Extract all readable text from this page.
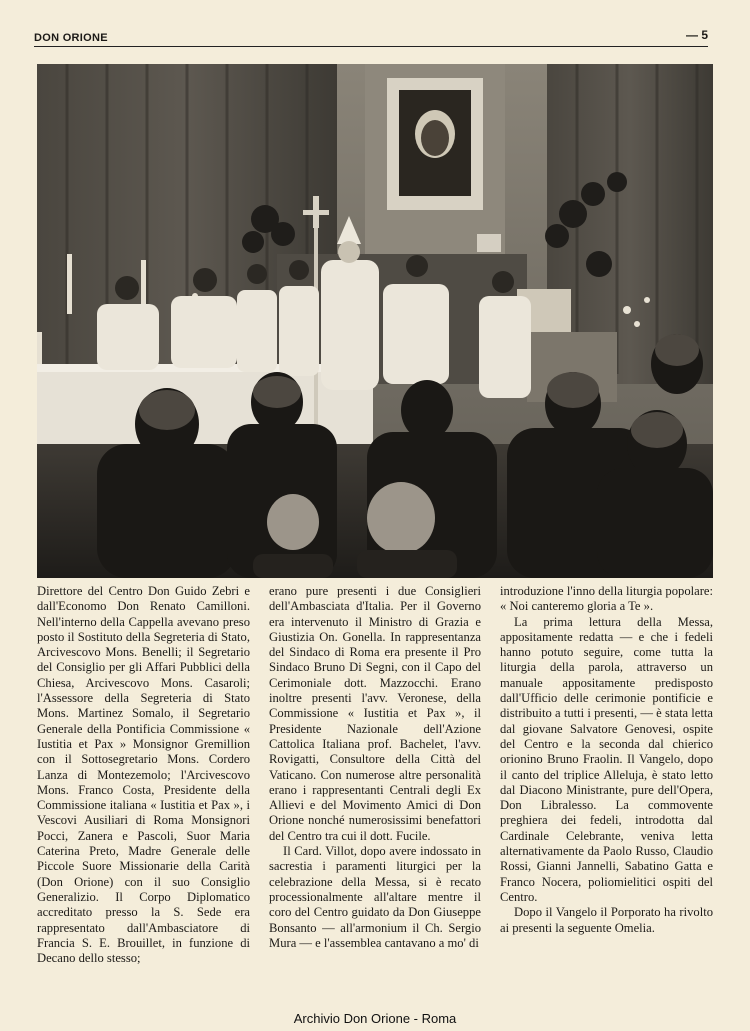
DON ORIONE	— 5

Direttore del Centro Don Guido Zebri e dall'Economo Don Renato Camilloni. Nell'interno della Cappella avevano preso posto il Sostituto della Segreteria di Stato, Arcivescovo Mons. Benelli; il Segretario del Consiglio per gli Affari Pubblici della Chiesa, Arcivescovo Mons. Casaroli; l'Assessore della Segreteria di Stato Mons. Martinez Somalo, il Segretario Generale della Pontificia Commissione « Iustitia et Pax » Monsignor Gremillion con il Sottosegretario Mons. Cordero Lanza di Montezemolo; l'Arcivescovo Mons. Franco Costa, Presidente della Commissione italiana « Iustitia et Pax », i Vescovi Ausiliari di Roma Monsignori Pocci, Zanera e Pascoli, Suor Maria Caterina Preto, Madre Generale delle Piccole Suore Missionarie della Carità (Don Orione) con il suo Consiglio Generalizio. Il Corpo Diplomatico accreditato presso la S. Sede era rappresentato dall'Ambasciatore di Francia S. E. Brouillet, in funzione di Decano dello stesso;

erano pure presenti i due Consiglieri dell'Ambasciata d'Italia. Per il Governo era intervenuto il Ministro di Grazia e Giustizia On. Gonella. In rappresentanza del Sindaco di Roma era presente il Pro Sindaco Bruno Di Segni, con il Capo del Cerimoniale dott. Mazzocchi. Erano inoltre presenti l'avv. Veronese, della Commissione « Iustitia et Pax », il Presidente Nazionale dell'Azione Cattolica Italiana prof. Bachelet, l'avv. Rovigatti, Consultore della Città del Vaticano. Con numerose altre personalità erano i rappresentanti Centrali degli Ex Allievi e del Movimento Amici di Don Orione nonché numerosissimi benefattori del Centro tra cui il dott. Fucile.

Il Card. Villot, dopo avere indossato in sacrestia i paramenti liturgici per la celebrazione della Messa, si è recato processionalmente all'altare mentre il coro del Centro guidato da Don Giuseppe Bonsanto — all'armonium il Ch. Sergio Mura — e l'assemblea cantavano a mo' di

introduzione l'inno della liturgia popolare: « Noi canteremo gloria a Te ».

La prima lettura della Messa, appositamente redatta — e che i fedeli hanno potuto seguire, come tutta la liturgia della parola, attraverso un manuale appositamente predisposto dall'Ufficio delle cerimonie pontificie e distribuito a tutti i presenti, — è stata letta dal giovane Salvatore Genovesi, ospite del Centro e la seconda dal chierico orionino Bruno Fraolin. Il Vangelo, dopo il canto del triplice Alleluja, è stato letto dal Diacono Ministrante, pure dell'Opera, Don Libralesso. La commovente preghiera dei fedeli, introdotta dal Cardinale Celebrante, veniva letta alternativamente da Paolo Russo, Claudio Rossi, Gianni Jannelli, Sabatino Gatta e Franco Nocera, poliomielitici ospiti del Centro.

Dopo il Vangelo il Porporato ha rivolto ai presenti la seguente Omelia.

Archivio Don Orione - Roma
